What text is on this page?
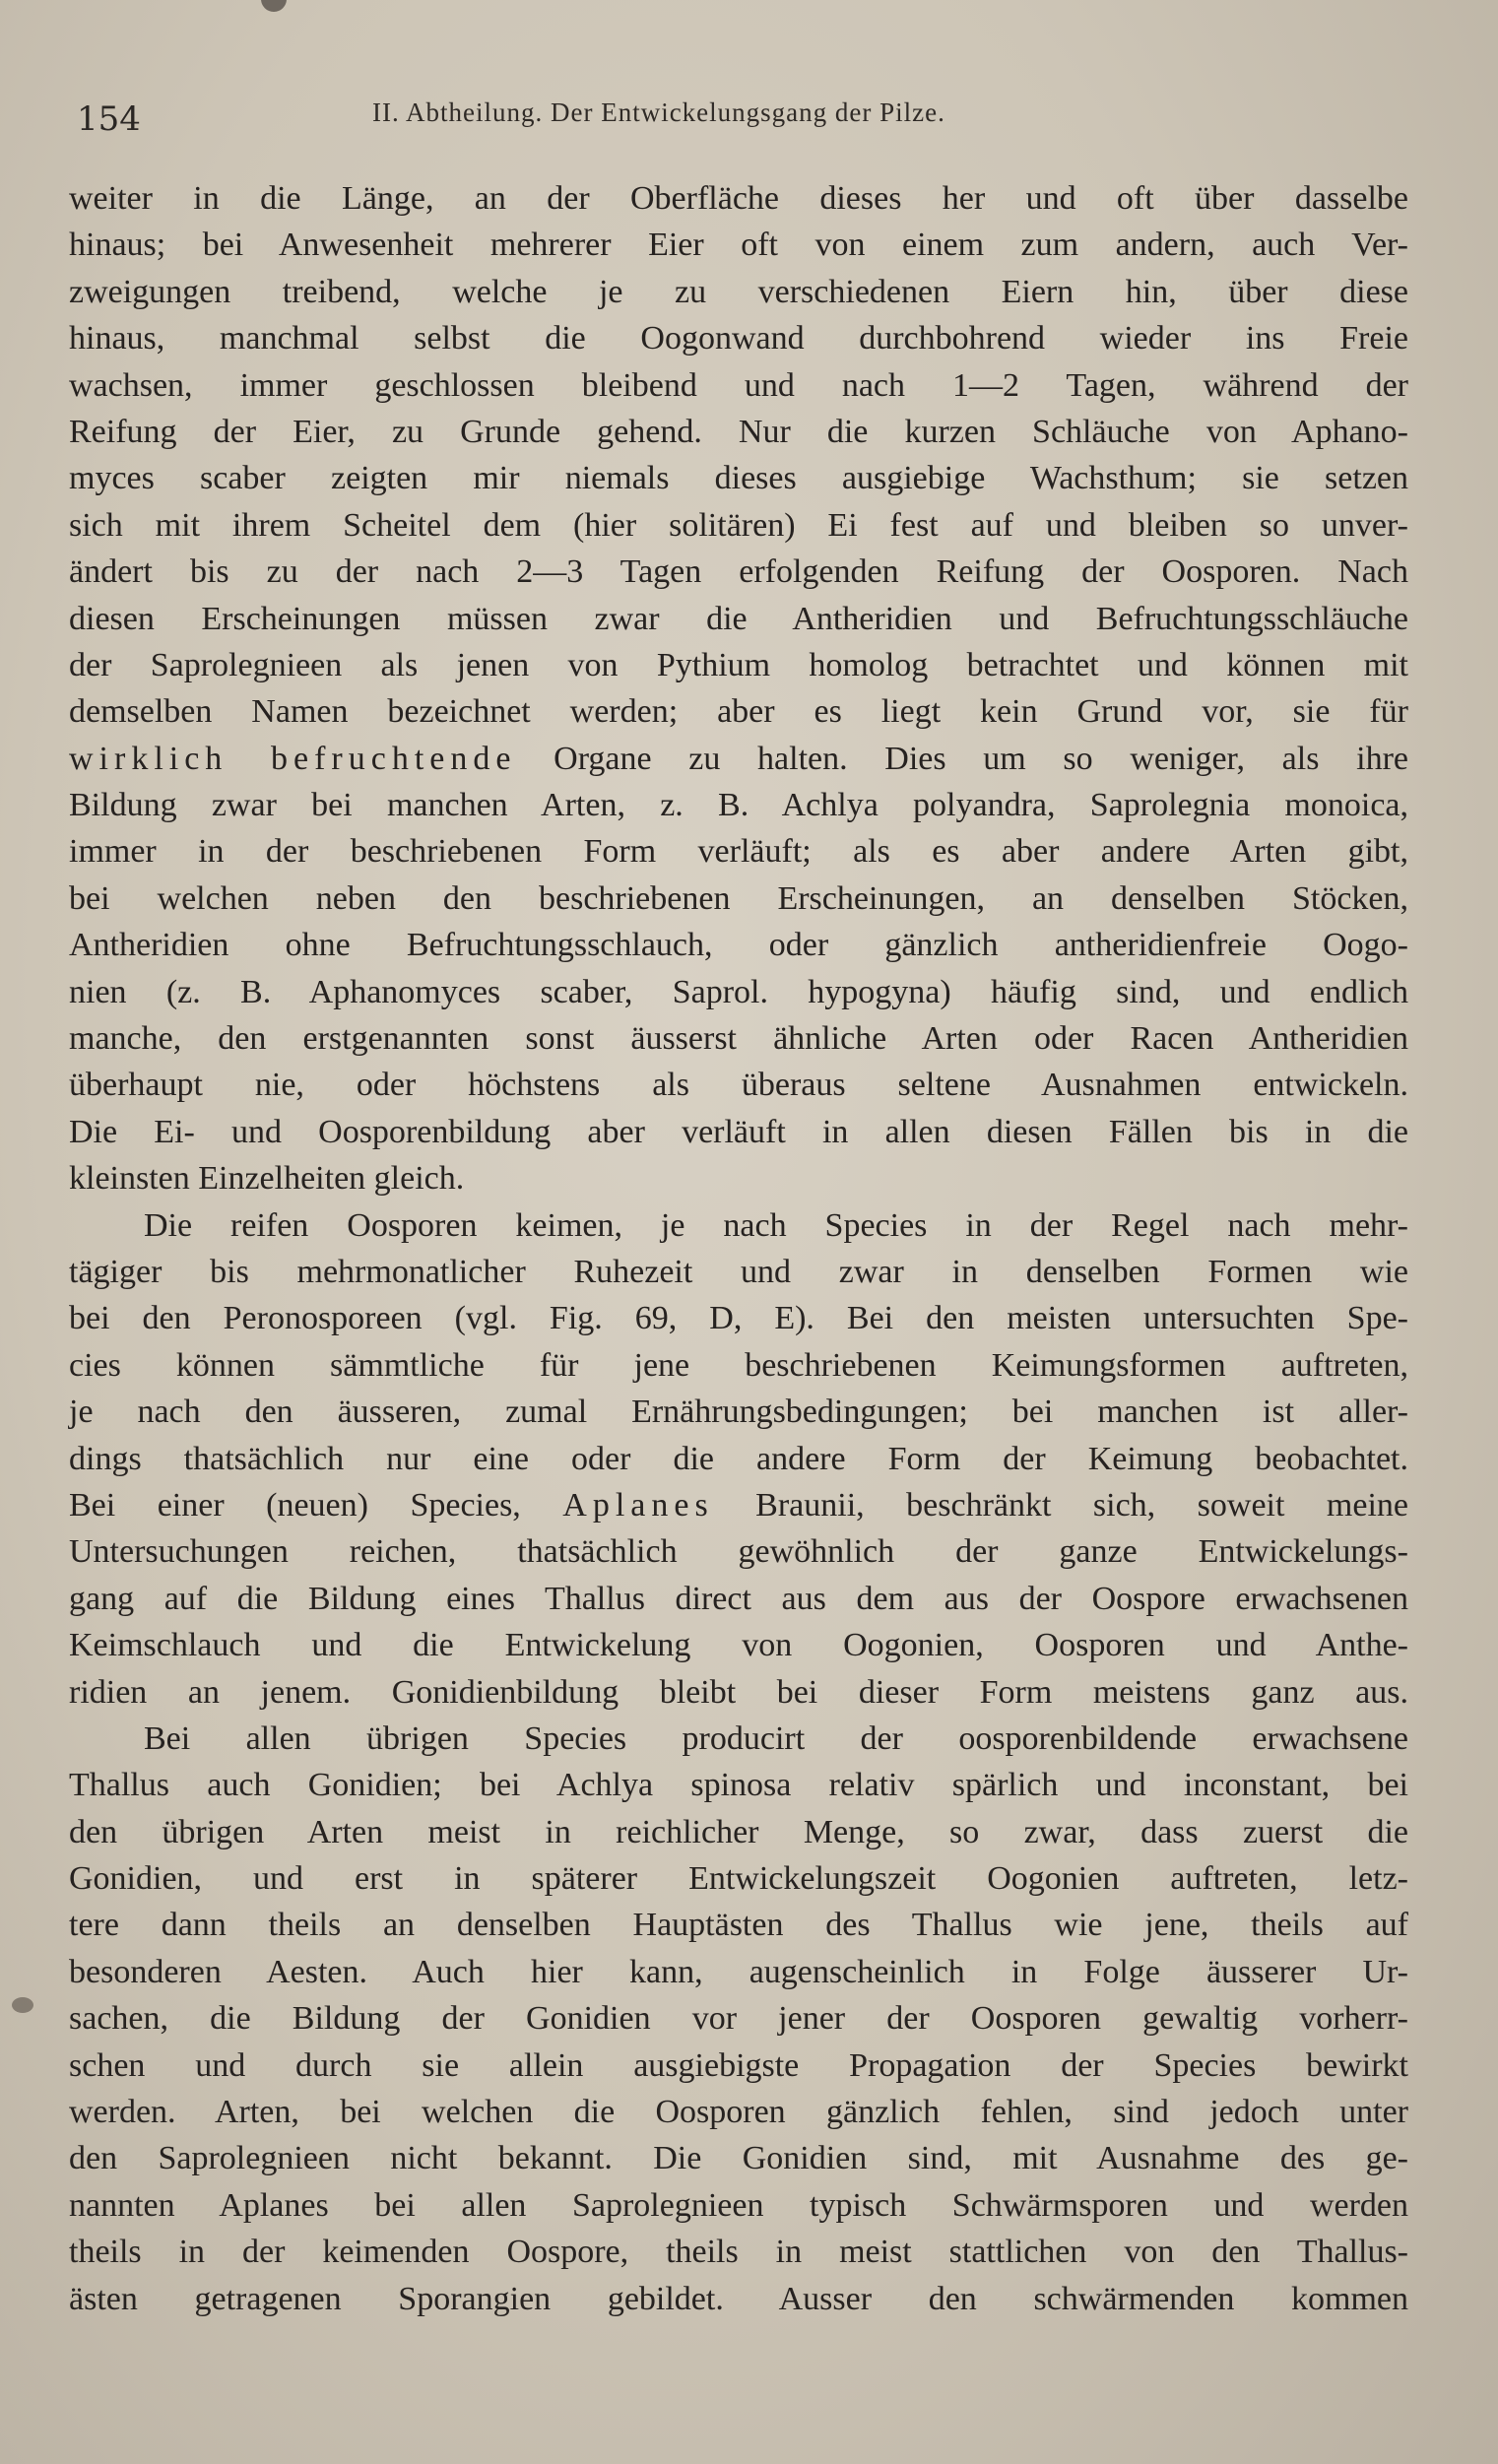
154	II. Abtheilung. Der Entwickelungsgang der Pilze.
weiter in die Länge, an der Oberfläche dieses her und oft über dasselbe
hinaus; bei Anwesenheit mehrerer Eier oft von einem zum andern, auch Ver-
zweigungen treibend, welche je zu verschiedenen Eiern hin, über diese
hinaus, manchmal selbst die Oogonwand durchbohrend wieder ins Freie
wachsen, immer geschlossen bleibend und nach 1—2 Tagen, während der
Reifung der Eier, zu Grunde gehend. Nur die kurzen Schläuche von Aphano-
myces scaber zeigten mir niemals dieses ausgiebige Wachsthum; sie setzen
sich mit ihrem Scheitel dem (hier solitären) Ei fest auf und bleiben so unver-
ändert bis zu der nach 2—3 Tagen erfolgenden Reifung der Oosporen. Nach
diesen Erscheinungen müssen zwar die Antheridien und Befruchtungsschläuche
der Saprolegnieen als jenen von Pythium homolog betrachtet und können mit
demselben Namen bezeichnet werden; aber es liegt kein Grund vor, sie für
wirklich befruchtende Organe zu halten. Dies um so weniger, als ihre
Bildung zwar bei manchen Arten, z. B. Achlya polyandra, Saprolegnia monoica,
immer in der beschriebenen Form verläuft; als es aber andere Arten gibt,
bei welchen neben den beschriebenen Erscheinungen, an denselben Stöcken,
Antheridien ohne Befruchtungsschlauch, oder gänzlich antheridienfreie Oogo-
nien (z. B. Aphanomyces scaber, Saprol. hypogyna) häufig sind, und endlich
manche, den erstgenannten sonst äusserst ähnliche Arten oder Racen Antheridien
überhaupt nie, oder höchstens als überaus seltene Ausnahmen entwickeln.
Die Ei- und Oosporenbildung aber verläuft in allen diesen Fällen bis in die
kleinsten Einzelheiten gleich.
Die reifen Oosporen keimen, je nach Species in der Regel nach mehr-
tägiger bis mehrmonatlicher Ruhezeit und zwar in denselben Formen wie
bei den Peronosporeen (vgl. Fig. 69, D, E). Bei den meisten untersuchten Spe-
cies können sämmtliche für jene beschriebenen Keimungsformen auftreten,
je nach den äusseren, zumal Ernährungsbedingungen; bei manchen ist aller-
dings thatsächlich nur eine oder die andere Form der Keimung beobachtet.
Bei einer (neuen) Species, Aplanes Braunii, beschränkt sich, soweit meine
Untersuchungen reichen, thatsächlich gewöhnlich der ganze Entwickelungs-
gang auf die Bildung eines Thallus direct aus dem aus der Oospore erwachsenen
Keimschlauch und die Entwickelung von Oogonien, Oosporen und Anthe-
ridien an jenem. Gonidienbildung bleibt bei dieser Form meistens ganz aus.
Bei allen übrigen Species producirt der oosporenbildende erwachsene
Thallus auch Gonidien; bei Achlya spinosa relativ spärlich und inconstant, bei
den übrigen Arten meist in reichlicher Menge, so zwar, dass zuerst die
Gonidien, und erst in späterer Entwickelungszeit Oogonien auftreten, letz-
tere dann theils an denselben Hauptästen des Thallus wie jene, theils auf
besonderen Aesten. Auch hier kann, augenscheinlich in Folge äusserer Ur-
sachen, die Bildung der Gonidien vor jener der Oosporen gewaltig vorherr-
schen und durch sie allein ausgiebigste Propagation der Species bewirkt
werden. Arten, bei welchen die Oosporen gänzlich fehlen, sind jedoch unter
den Saprolegnieen nicht bekannt. Die Gonidien sind, mit Ausnahme des ge-
nannten Aplanes bei allen Saprolegnieen typisch Schwärmsporen und werden
theils in der keimenden Oospore, theils in meist stattlichen von den Thallus-
ästen getragenen Sporangien gebildet. Ausser den schwärmenden kommen
